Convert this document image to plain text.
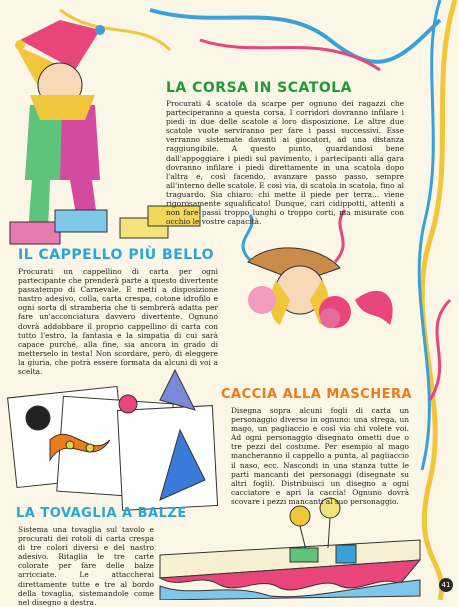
LA CORSA IN SCATOLA

Procurati 4 scatole da scarpe per ognuno dei ragazzi che parteciperanno a questa corsa. I corridori dovranno infilare i piedi in due delle scatole a loro disposizione. Le altre due scatole vuote serviranno per fare i passi successivi. Esse verranno sistemate davanti ai giocatori, ad una distanza raggiungibile. A questo punto, guardandosi bene dall'appoggiare i piedi sul pavimento, i partecipanti alla gara dovranno infilare i piedi direttamente in una scatola dopo l'altra e, così facendo, avanzare passo passo, sempre all'interno delle scatole. E così via, di scatola in scatola, fino al traguardo. Sia chiaro: chi mette il piede per terra... viene rigorosamente squalificato! Dunque, cari cidippotti, attenti a non fare passi troppo lunghi o troppo corti, ma misurate con occhio le vostre capacità.

IL CAPPELLO PIÙ BELLO

Procurati un cappellino di carta per ogni partecipante che prenderà parte a questo divertente passatempo di Carnevale. E metti a disposizione nastro adesivo, colla, carta crespa, cotone idrofilo e ogni sorta di stramberia che ti sembrerà adatta per fare un'acconciatura davvero divertente. Ognuno dovrà addobbare il proprio cappellino di carta con tutto l'estro, la fantasia e la simpatia di cui sarà capace purché, alla fine, sia ancora in grado di metterselo in testa! Non scordare, però, di eleggere la giuria, che potrà essere formata da alcuni di voi a scelta.

CACCIA ALLA MASCHERA

Disegna sopra alcuni fogli di carta un personaggio diverso in ognuno: una strega, un mago, un pagliaccio e così via chi volete voi. Ad ogni personaggio disegnato ometti due o tre pezzi del costume. Per esempio al mago mancheranno il cappello a punta, al pagliaccio il naso, ecc. Nascondi in una stanza tutte le parti mancanti dei personaggi (disegnate su altri fogli). Distribuisci un disegno a ogni cacciatore e apri la caccia! Ognuno dovrà scovare i pezzi mancanti al suo personaggio.

LA TOVAGLIA A BALZE

Sistema una tovaglia sul tavolo e procurati dei rotoli di carta crespa di tre colori diversi e del nastro adesivo. Ritaglia le tre carte colorate per fare delle balze arricciate. Le attaccherai direttamente tutte e tre al bordo della tovaglia, sistemandole come nel disegno a destra.

41
